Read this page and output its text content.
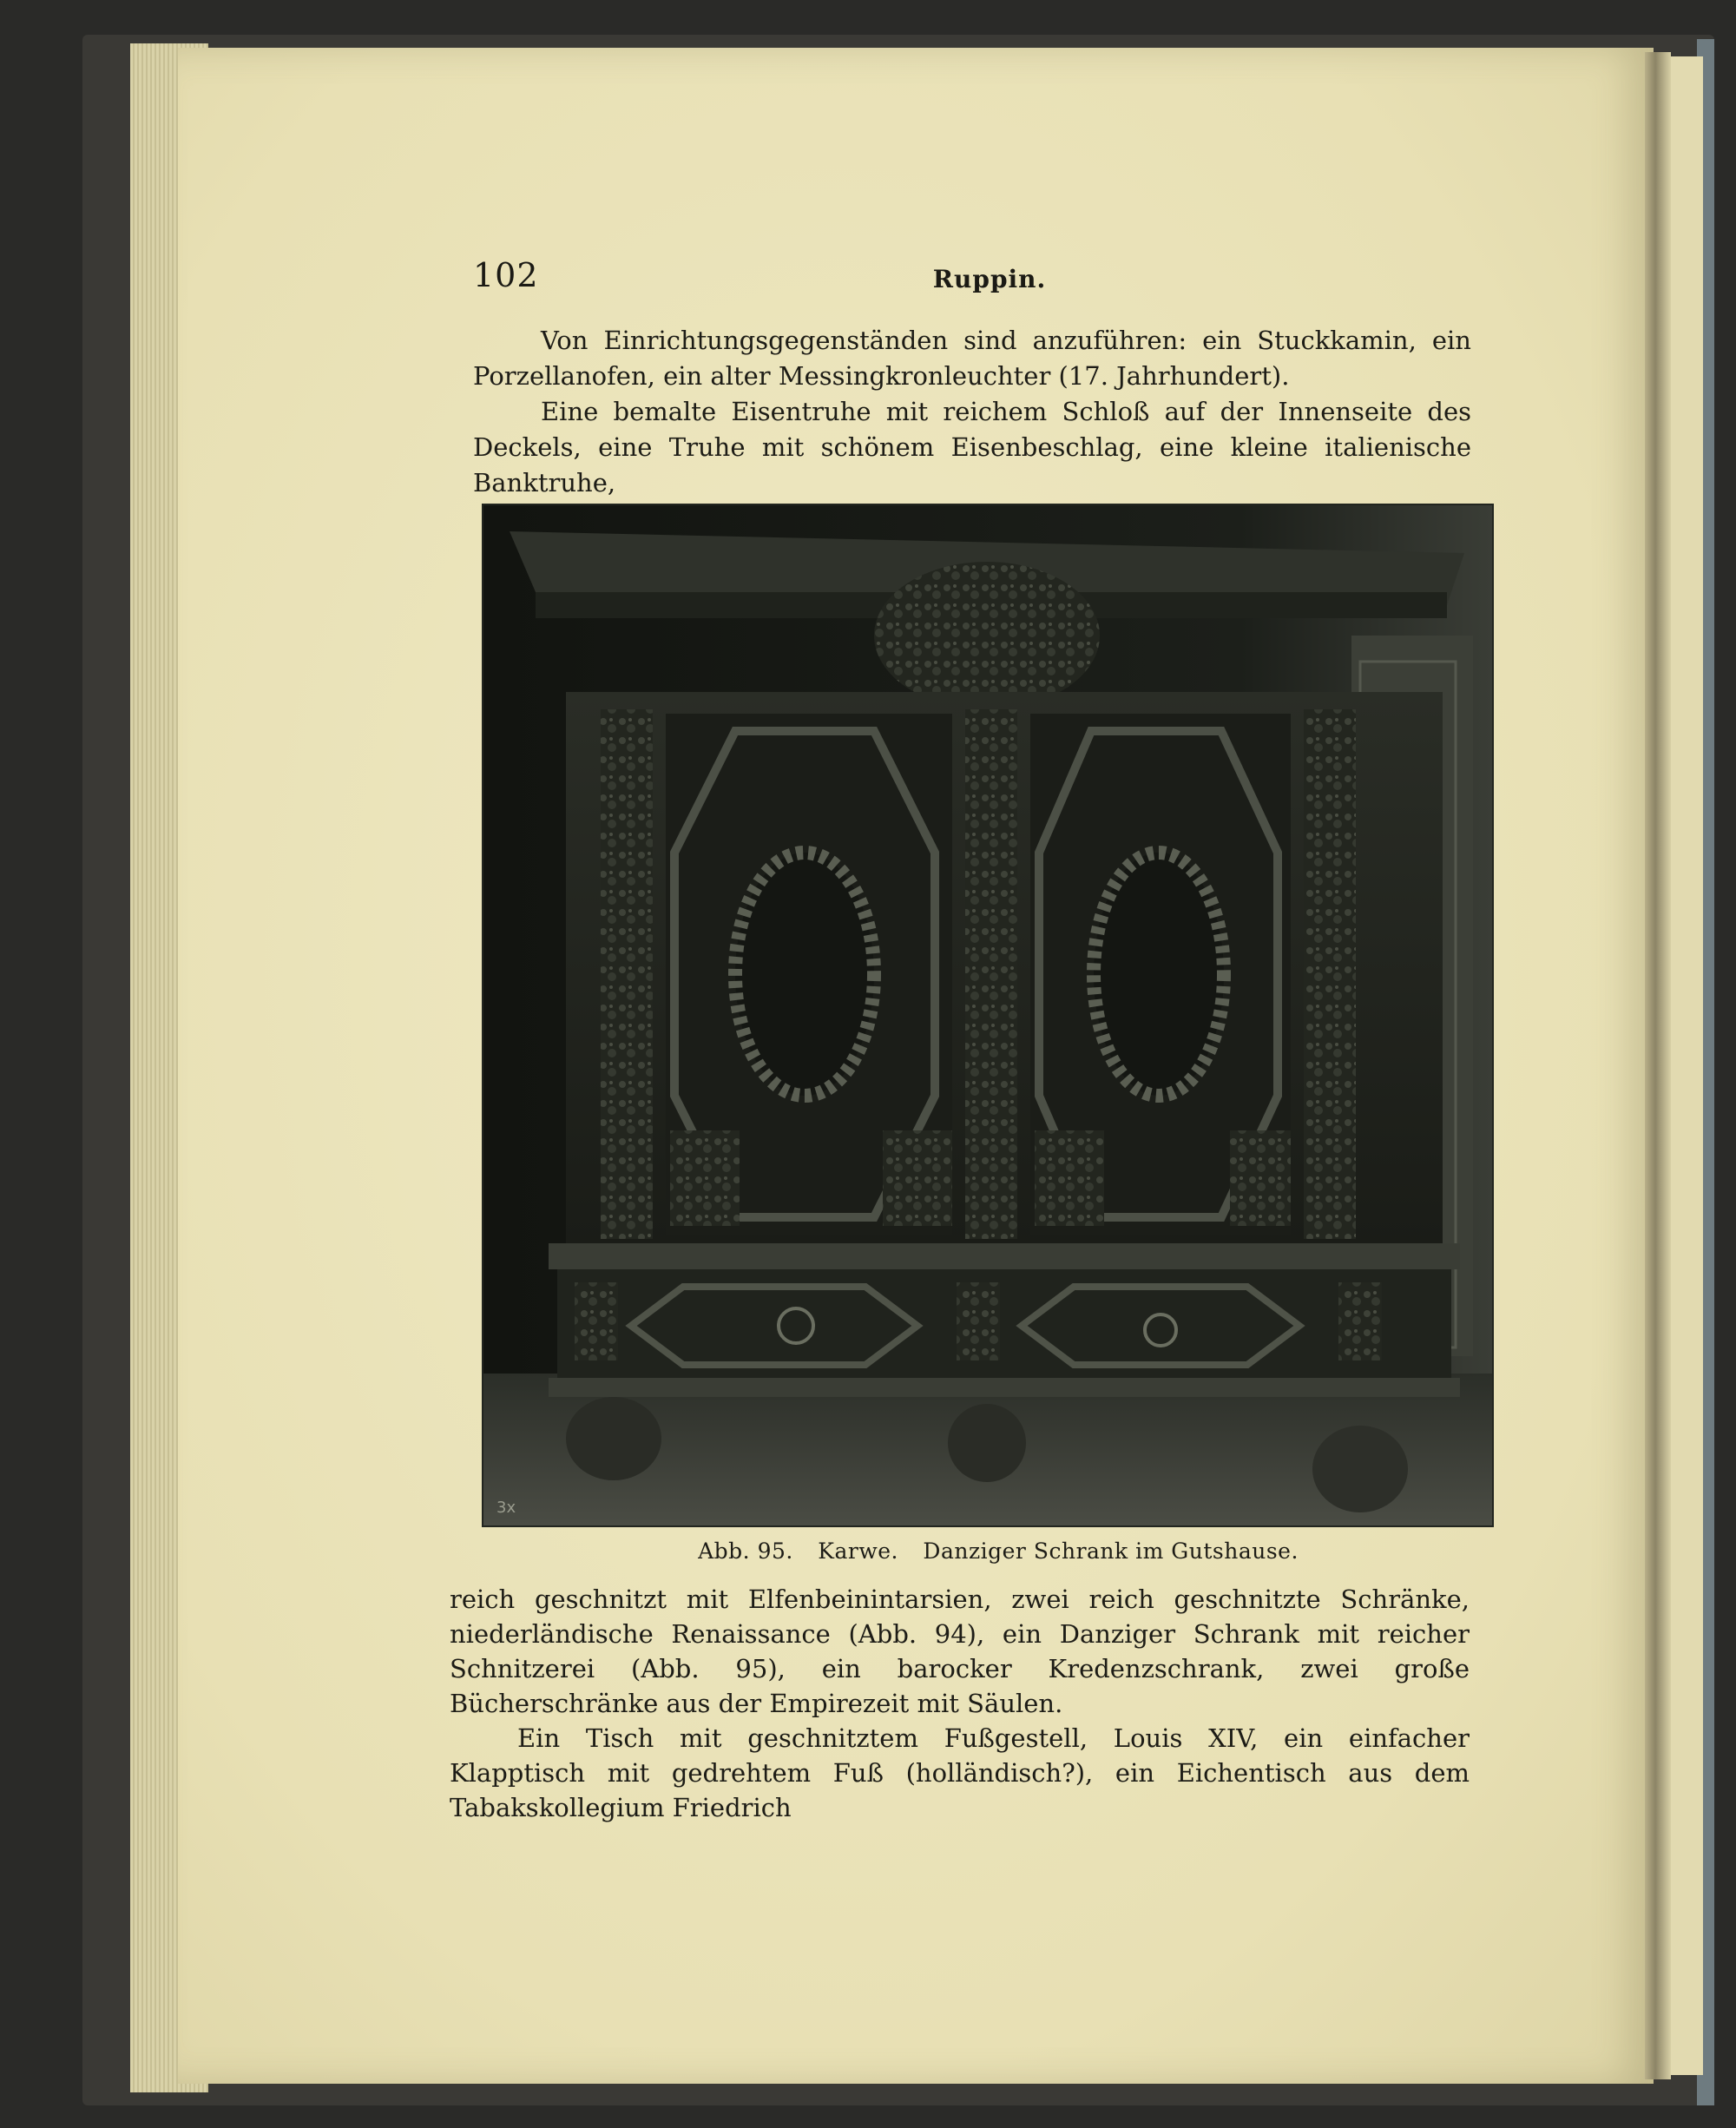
102	Ruppin.

Von Einrichtungsgegenständen sind anzuführen: ein Stuckkamin, ein Porzellanofen, ein alter Messingkronleuchter (17. Jahrhundert).

Eine bemalte Eisentruhe mit reichem Schloß auf der Innenseite des Deckels, eine Truhe mit schönem Eisenbeschlag, eine kleine italienische Banktruhe,

3x
Abb. 95. Karwe. Danziger Schrank im Gutshause.

reich geschnitzt mit Elfenbeinintarsien, zwei reich geschnitzte Schränke, niederländische Renaissance (Abb. 94), ein Danziger Schrank mit reicher Schnitzerei (Abb. 95), ein barocker Kredenzschrank, zwei große Bücherschränke aus der Empirezeit mit Säulen.

Ein Tisch mit geschnitztem Fußgestell, Louis XIV, ein einfacher Klapptisch mit gedrehtem Fuß (holländisch?), ein Eichentisch aus dem Tabakskollegium Friedrich
